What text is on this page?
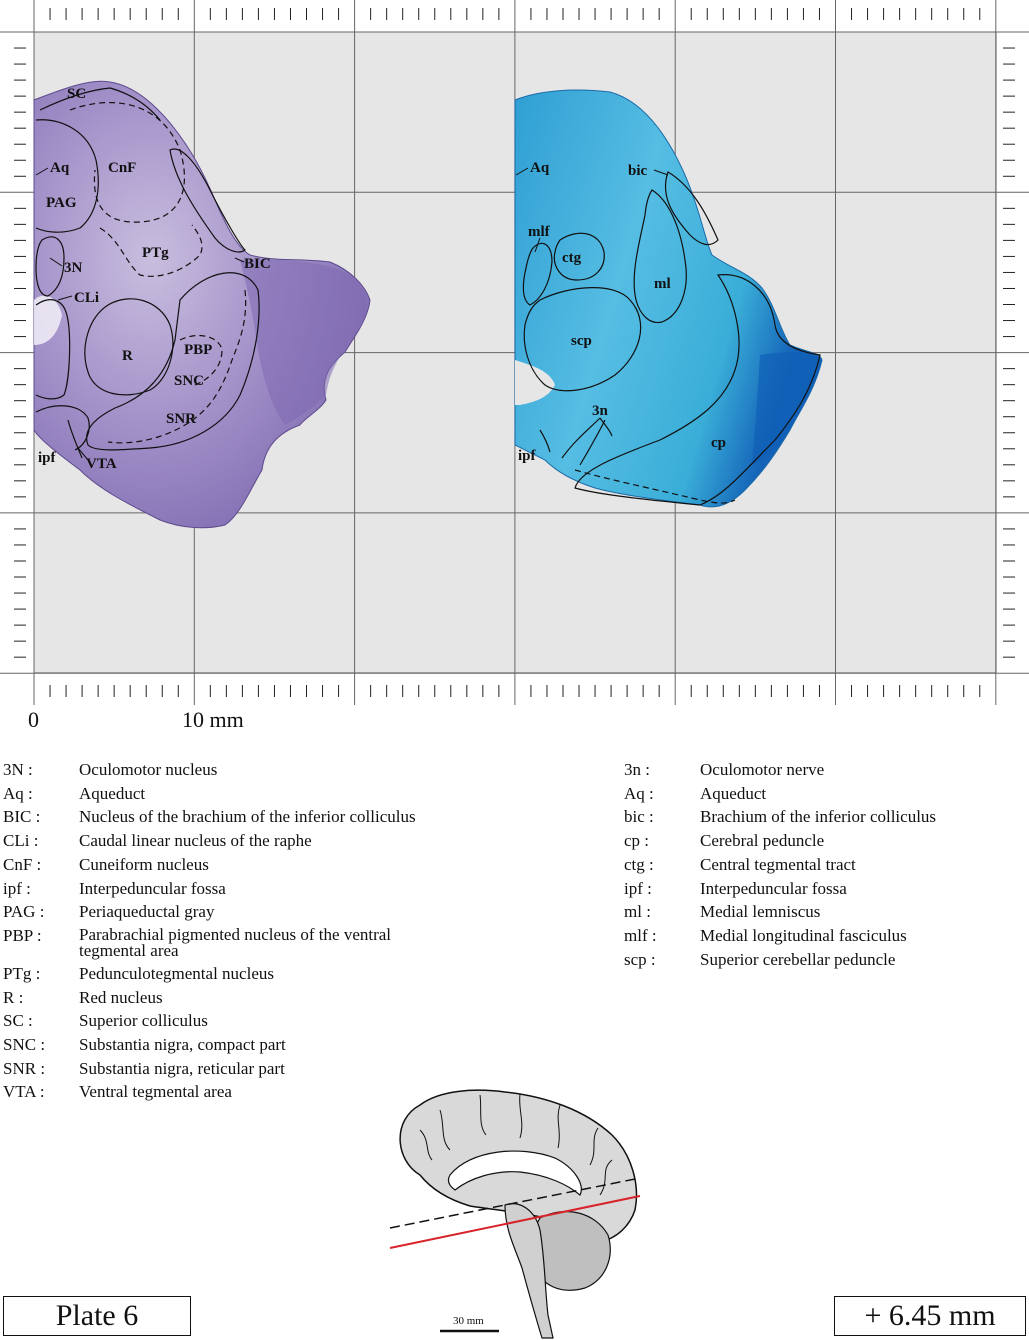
SC
Aq	CnF
PAG
PTg
3N	BIC
CLi
R	PBP
SNC
SNR
ipf VTA
Aq	bic
mlf
ctg
ml
scp
3n
ipf
cp
0	10 mm
30 mm
3N :	Oculomotor nucleus
Aq :	Aqueduct
BIC :	Nucleus of the brachium of the inferior colliculus
CLi :	Caudal linear nucleus of the raphe
CnF :	Cuneiform nucleus
ipf :	Interpeduncular fossa
PAG :	Periaqueductal gray
PBP :	Parabrachial pigmented nucleus of the ventral tegmental area
PTg :	Pedunculotegmental nucleus
R :	Red nucleus
SC :	Superior colliculus
SNC :	Substantia nigra, compact part
SNR :	Substantia nigra, reticular part
VTA :	Ventral tegmental area
3n :	Oculomotor nerve
Aq :	Aqueduct
bic :	Brachium of the inferior colliculus
cp :	Cerebral peduncle
ctg :	Central tegmental tract
ipf :	Interpeduncular fossa
ml :	Medial lemniscus
mlf :	Medial longitudinal fasciculus
scp :	Superior cerebellar peduncle
Plate 6	+ 6.45 mm
